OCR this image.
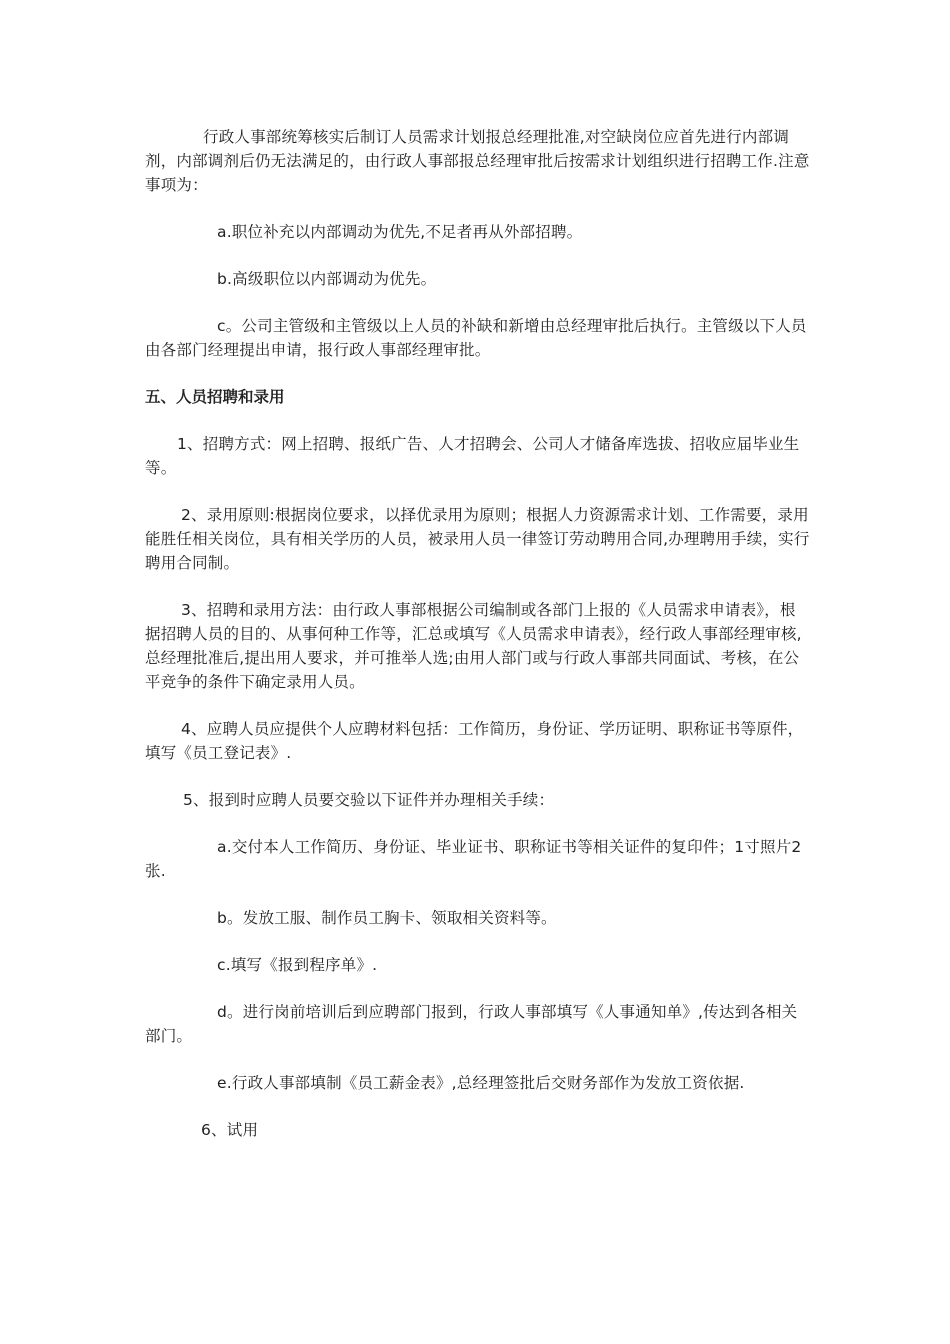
行政人事部统筹核实后制订人员需求计划报总经理批准,对空缺岗位应首先进行内部调剂，内部调剂后仍无法满足的，由行政人事部报总经理审批后按需求计划组织进行招聘工作.注意事项为：

a.职位补充以内部调动为优先,不足者再从外部招聘。

b.高级职位以内部调动为优先。

c。公司主管级和主管级以上人员的补缺和新增由总经理审批后执行。主管级以下人员由各部门经理提出申请，报行政人事部经理审批。

五、人员招聘和录用

1、招聘方式：网上招聘、报纸广告、人才招聘会、公司人才储备库选拔、招收应届毕业生等。

2、录用原则:根据岗位要求，以择优录用为原则；根据人力资源需求计划、工作需要，录用能胜任相关岗位，具有相关学历的人员，被录用人员一律签订劳动聘用合同,办理聘用手续，实行聘用合同制。

3、招聘和录用方法：由行政人事部根据公司编制或各部门上报的《人员需求申请表》，根据招聘人员的目的、从事何种工作等，汇总或填写《人员需求申请表》，经行政人事部经理审核,总经理批准后,提出用人要求，并可推举人选;由用人部门或与行政人事部共同面试、考核，在公平竞争的条件下确定录用人员。

4、应聘人员应提供个人应聘材料包括：工作简历，身份证、学历证明、职称证书等原件，填写《员工登记表》.

5、报到时应聘人员要交验以下证件并办理相关手续：

a.交付本人工作简历、身份证、毕业证书、职称证书等相关证件的复印件；1寸照片2张.

b。发放工服、制作员工胸卡、领取相关资料等。

c.填写《报到程序单》.

d。进行岗前培训后到应聘部门报到，行政人事部填写《人事通知单》,传达到各相关部门。

e.行政人事部填制《员工薪金表》,总经理签批后交财务部作为发放工资依据.

6、试用
